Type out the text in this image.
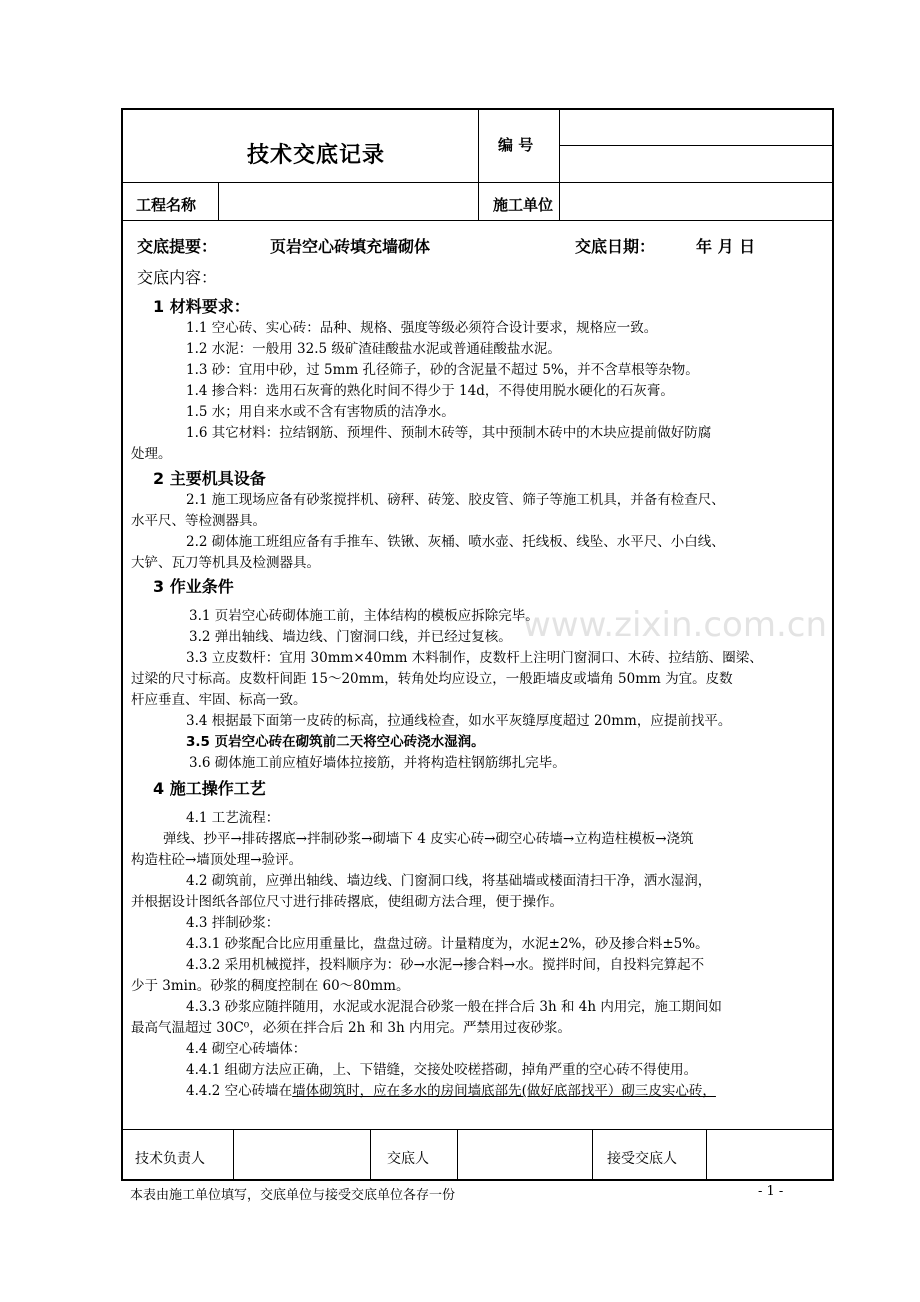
技术交底记录	编 号
工程名称	施工单位
交底提要：	页岩空心砖填充墙砌体	交底日期：	年 月 日
交底内容：
1 材料要求：
1.1 空心砖、实心砖：品种、规格、强度等级必须符合设计要求，规格应一致。
1.2 水泥：一般用 32.5 级矿渣硅酸盐水泥或普通硅酸盐水泥。
1.3 砂：宜用中砂，过 5mm 孔径筛子，砂的含泥量不超过 5%，并不含草根等杂物。
1.4 掺合料：选用石灰膏的熟化时间不得少于 14d，不得使用脱水硬化的石灰膏。
1.5 水；用自来水或不含有害物质的洁净水。
1.6 其它材料：拉结钢筋、预埋件、预制木砖等，其中预制木砖中的木块应提前做好防腐
处理。
2 主要机具设备
2.1 施工现场应备有砂浆搅拌机、磅秤、砖笼、胶皮管、筛子等施工机具，并备有检查尺、
水平尺、等检测器具。
2.2 砌体施工班组应备有手推车、铁锹、灰桶、喷水壶、托线板、线坠、水平尺、小白线、
大铲、瓦刀等机具及检测器具。
3 作业条件
3.1 页岩空心砖砌体施工前，主体结构的模板应拆除完毕。
3.2 弹出轴线、墙边线、门窗洞口线，并已经过复核。 www.zixin.com.cn
3.3 立皮数杆：宜用 30mm×40mm 木料制作，皮数杆上注明门窗洞口、木砖、拉结筋、圈梁、
过梁的尺寸标高。皮数杆间距 15～20mm，转角处均应设立，一般距墙皮或墙角 50mm 为宜。皮数
杆应垂直、牢固、标高一致。
3.4 根据最下面第一皮砖的标高，拉通线检查，如水平灰缝厚度超过 20mm，应提前找平。
3.5 页岩空心砖在砌筑前二天将空心砖浇水湿润。
3.6 砌体施工前应植好墙体拉接筋，并将构造柱钢筋绑扎完毕。
4 施工操作工艺
4.1 工艺流程：
弹线、抄平→排砖撂底→拌制砂浆→砌墙下 4 皮实心砖→砌空心砖墙→立构造柱模板→浇筑
构造柱砼→墙顶处理→验评。
4.2 砌筑前，应弹出轴线、墙边线、门窗洞口线，将基础墙或楼面清扫干净，洒水湿润，
并根据设计图纸各部位尺寸进行排砖撂底，使组砌方法合理，便于操作。
4.3 拌制砂浆：
4.3.1 砂浆配合比应用重量比，盘盘过磅。计量精度为，水泥±2%，砂及掺合料±5%。
4.3.2 采用机械搅拌，投料顺序为：砂→水泥→掺合料→水。搅拌时间，自投料完算起不
少于 3min。砂浆的稠度控制在 60～80mm。
4.3.3 砂浆应随拌随用，水泥或水泥混合砂浆一般在拌合后 3h 和 4h 内用完，施工期间如
最高气温超过 30C⁰，必须在拌合后 2h 和 3h 内用完。严禁用过夜砂浆。
4.4 砌空心砖墙体：
4.4.1 组砌方法应正确，上、下错缝，交接处咬槎搭砌，掉角严重的空心砖不得使用。
4.4.2 空心砖墙在墙体砌筑时，应在多水的房间墙底部先(做好底部找平）砌三皮实心砖，
技术负责人	交底人	接受交底人
本表由施工单位填写，交底单位与接受交底单位各存一份	- 1 -
